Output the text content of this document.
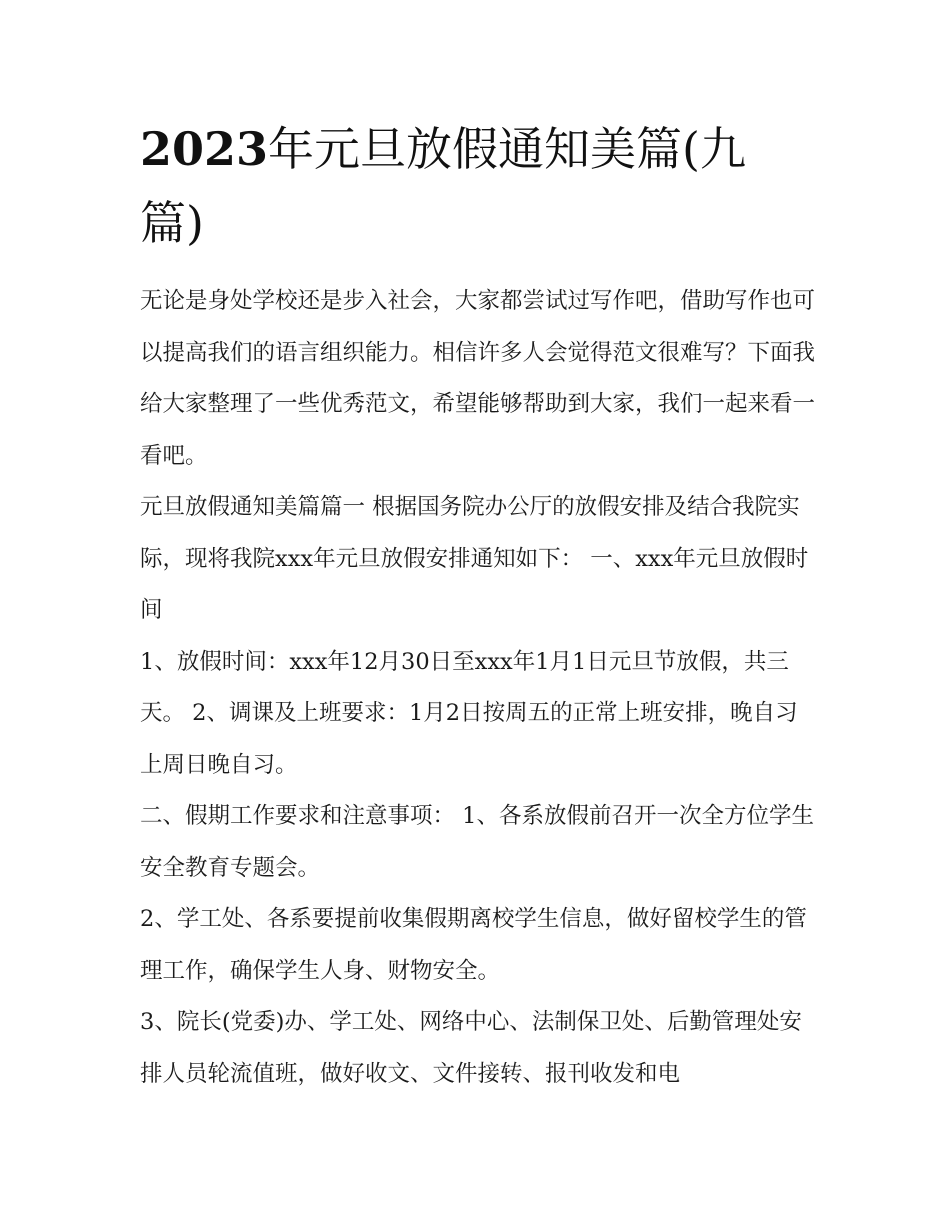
2023年元旦放假通知美篇(九篇)

无论是身处学校还是步入社会，大家都尝试过写作吧，借助写作也可以提高我们的语言组织能力。相信许多人会觉得范文很难写？下面我给大家整理了一些优秀范文，希望能够帮助到大家，我们一起来看一看吧。

元旦放假通知美篇篇一 根据国务院办公厅的放假安排及结合我院实际，现将我院xxx年元旦放假安排通知如下： 一、xxx年元旦放假时间

1、放假时间：xxx年12月30日至xxx年1月1日元旦节放假，共三天。 2、调课及上班要求：1月2日按周五的正常上班安排，晚自习上周日晚自习。

二、假期工作要求和注意事项： 1、各系放假前召开一次全方位学生安全教育专题会。

2、学工处、各系要提前收集假期离校学生信息，做好留校学生的管理工作，确保学生人身、财物安全。

3、院长(党委)办、学工处、网络中心、法制保卫处、后勤管理处安排人员轮流值班，做好收文、文件接转、报刊收发和电
